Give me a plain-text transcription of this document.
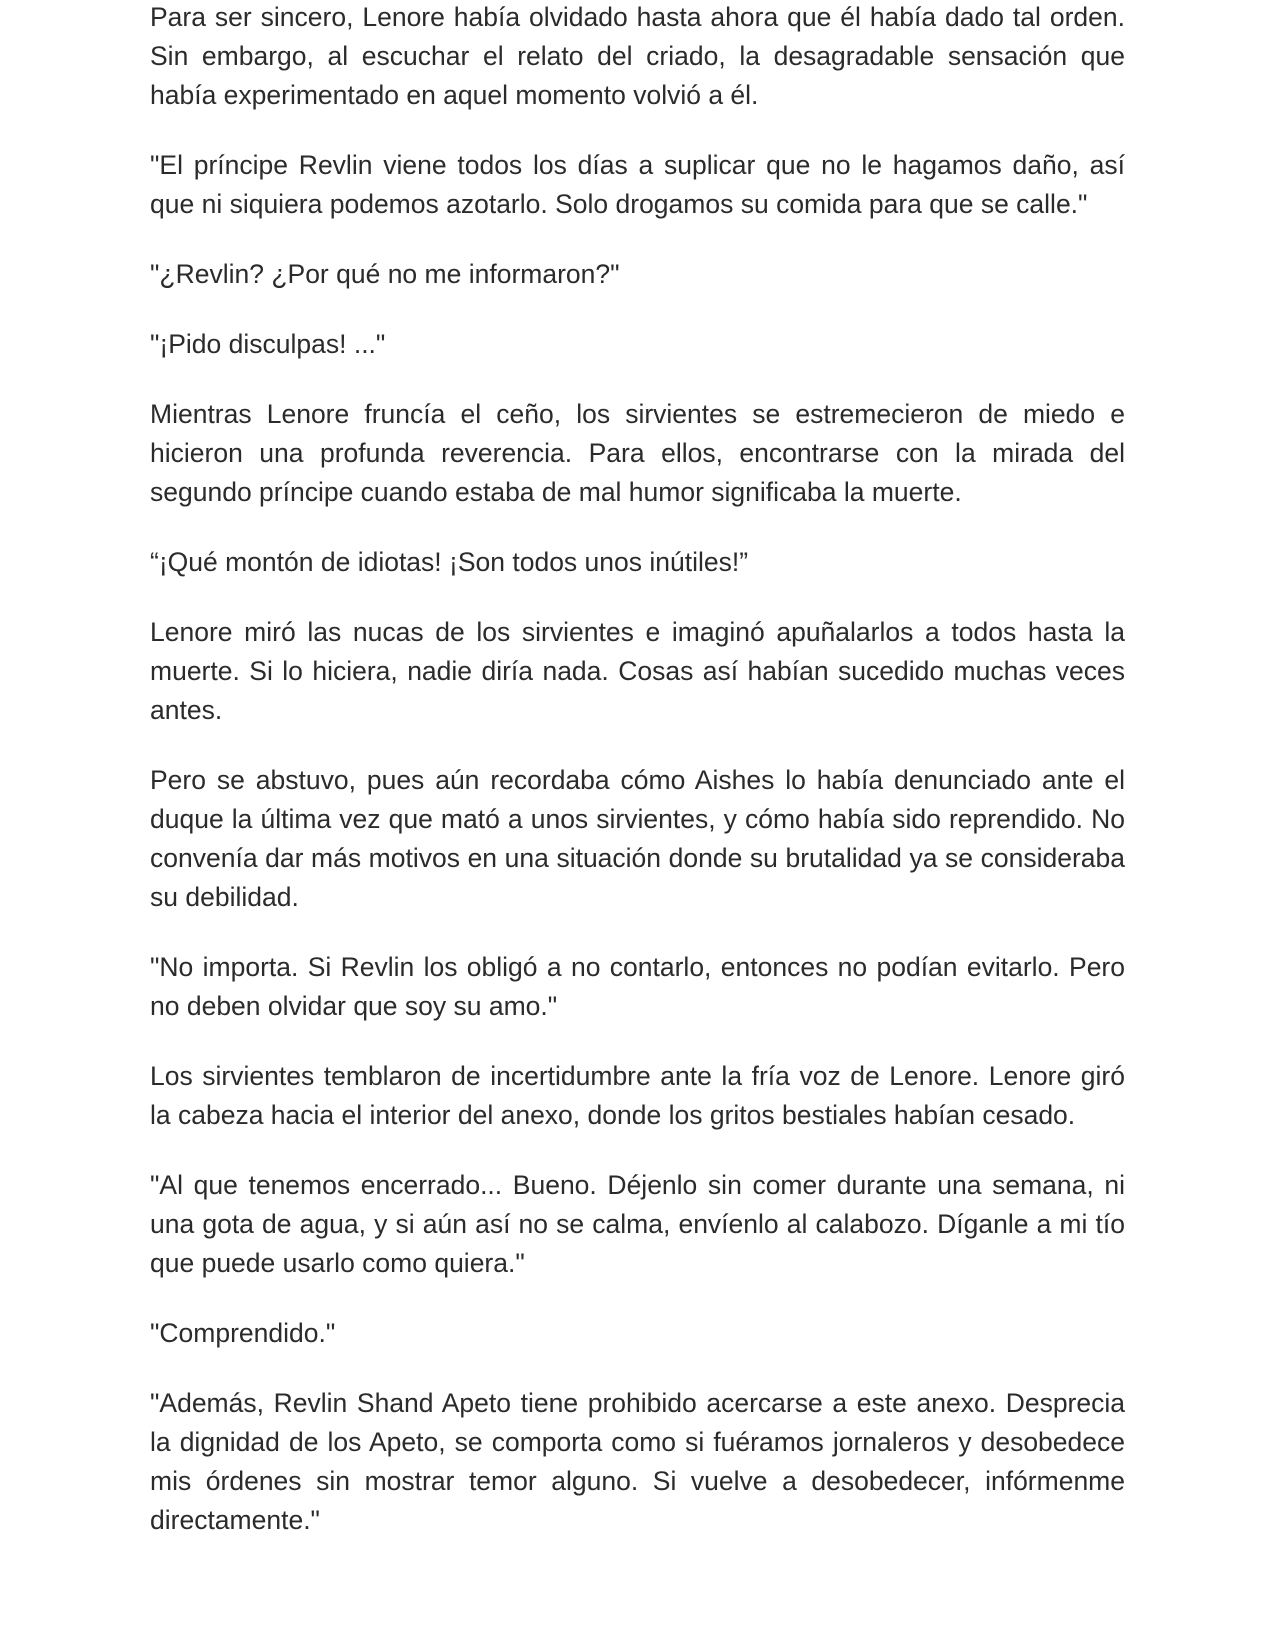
Para ser sincero, Lenore había olvidado hasta ahora que él había dado tal orden. Sin embargo, al escuchar el relato del criado, la desagradable sensación que había experimentado en aquel momento volvió a él.

"El príncipe Revlin viene todos los días a suplicar que no le hagamos daño, así que ni siquiera podemos azotarlo. Solo drogamos su comida para que se calle."

"¿Revlin? ¿Por qué no me informaron?"

"¡Pido disculpas! ..."

Mientras Lenore fruncía el ceño, los sirvientes se estremecieron de miedo e hicieron una profunda reverencia. Para ellos, encontrarse con la mirada del segundo príncipe cuando estaba de mal humor significaba la muerte.

“¡Qué montón de idiotas! ¡Son todos unos inútiles!”

Lenore miró las nucas de los sirvientes e imaginó apuñalarlos a todos hasta la muerte. Si lo hiciera, nadie diría nada. Cosas así habían sucedido muchas veces antes.

Pero se abstuvo, pues aún recordaba cómo Aishes lo había denunciado ante el duque la última vez que mató a unos sirvientes, y cómo había sido reprendido. No convenía dar más motivos en una situación donde su brutalidad ya se consideraba su debilidad.

"No importa. Si Revlin los obligó a no contarlo, entonces no podían evitarlo. Pero no deben olvidar que soy su amo."

Los sirvientes temblaron de incertidumbre ante la fría voz de Lenore. Lenore giró la cabeza hacia el interior del anexo, donde los gritos bestiales habían cesado.

"Al que tenemos encerrado... Bueno. Déjenlo sin comer durante una semana, ni una gota de agua, y si aún así no se calma, envíenlo al calabozo. Díganle a mi tío que puede usarlo como quiera."

"Comprendido."

"Además, Revlin Shand Apeto tiene prohibido acercarse a este anexo. Desprecia la dignidad de los Apeto, se comporta como si fuéramos jornaleros y desobedece mis órdenes sin mostrar temor alguno. Si vuelve a desobedecer, infórmenme directamente."
